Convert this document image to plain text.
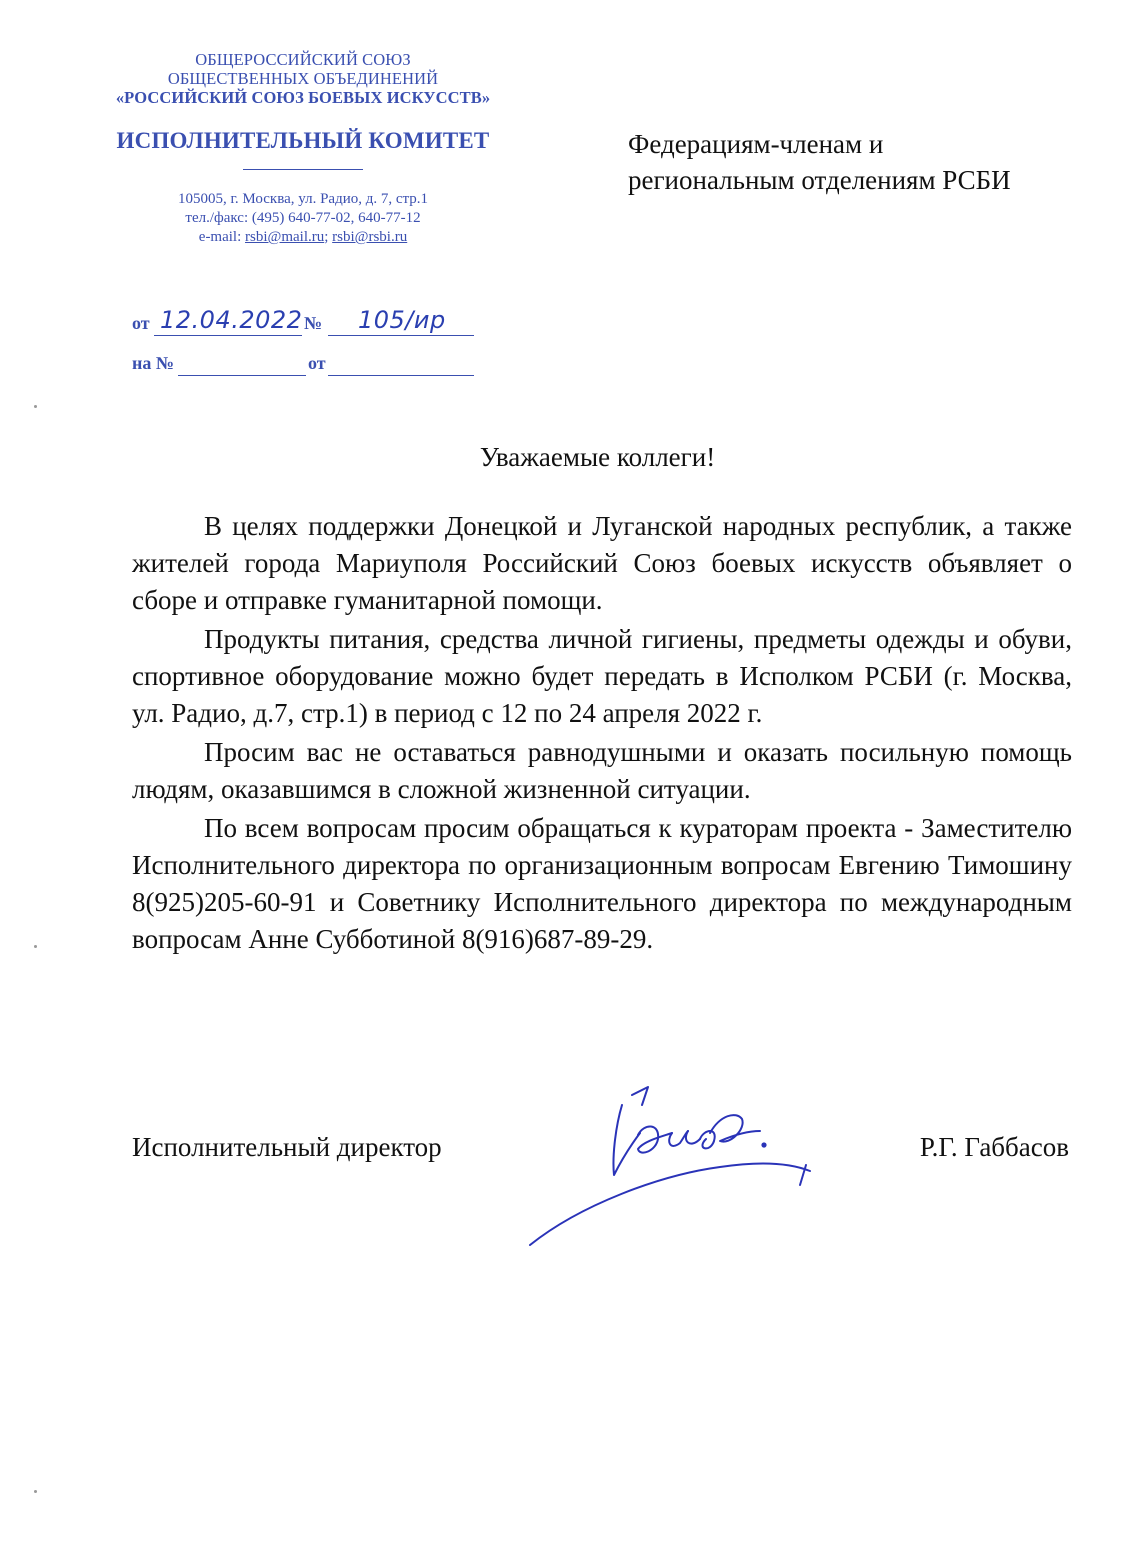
ОБЩЕРОССИЙСКИЙ СОЮЗ
ОБЩЕСТВЕННЫХ ОБЪЕДИНЕНИЙ
«РОССИЙСКИЙ СОЮЗ БОЕВЫХ ИСКУССТВ»
ИСПОЛНИТЕЛЬНЫЙ КОМИТЕТ
105005, г. Москва, ул. Радио, д. 7, стр.1
тел./факс: (495) 640-77-02, 640-77-12
e-mail: rsbi@mail.ru; rsbi@rsbi.ru
от 12.04.2022 № 105/ир
на №	от
Федерациям-членам и
региональным отделениям РСБИ
Уважаемые коллеги!

В целях поддержки Донецкой и Луганской народных республик, а также жителей города Мариуполя Российский Союз боевых искусств объявляет о сборе и отправке гуманитарной помощи.

Продукты питания, средства личной гигиены, предметы одежды и обуви, спортивное оборудование можно будет передать в Исполком РСБИ (г. Москва, ул. Радио, д.7, стр.1) в период с 12 по 24 апреля 2022 г.

Просим вас не оставаться равнодушными и оказать посильную помощь людям, оказавшимся в сложной жизненной ситуации.

По всем вопросам просим обращаться к кураторам проекта - Заместителю Исполнительного директора по организационным вопросам Евгению Тимошину 8(925)205-60-91 и Советнику Исполнительного директора по международным вопросам Анне Субботиной 8(916)687-89-29.

Исполнительный директор	Р.Г. Габбасов
